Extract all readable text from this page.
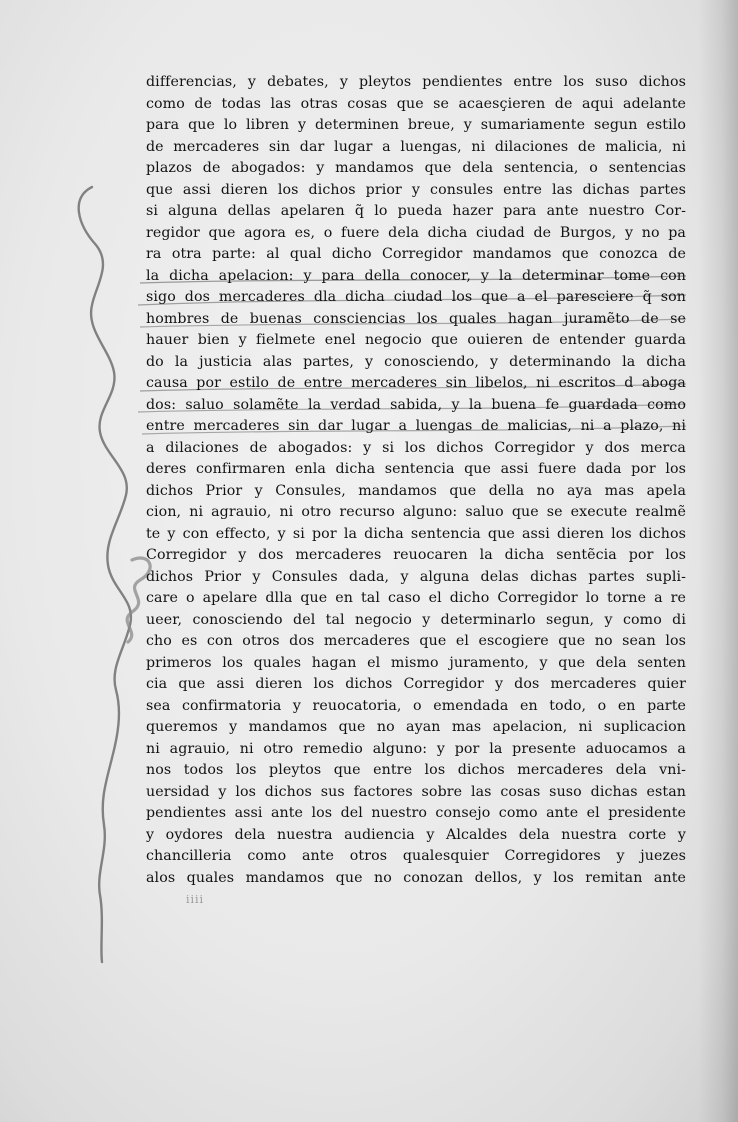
differencias, y debates, y pleytos pendientes entre los suso dichos
como de todas las otras cosas que se acaesçieren de aqui adelante
para que lo libren y determinen breue, y sumariamente segun estilo
de mercaderes sin dar lugar a luengas, ni dilaciones de malicia, ni
plazos de abogados: y mandamos que dela sentencia, o sentencias
que assi dieren los dichos prior y consules entre las dichas partes
si alguna dellas apelaren q̃ lo pueda hazer para ante nuestro Cor-
regidor que agora es, o fuere dela dicha ciudad de Burgos, y no pa
ra otra parte: al qual dicho Corregidor mandamos que conozca de
la dicha apelacion: y para della conocer, y la determinar tome con
sigo dos mercaderes dla dicha ciudad los que a el paresciere q̃ son
hombres de buenas consciencias los quales hagan juramẽto de se
hauer bien y fielmete enel negocio que ouieren de entender guarda
do la justicia alas partes, y conosciendo, y determinando la dicha
causa por estilo de entre mercaderes sin libelos, ni escritos d aboga
dos: saluo solamẽte la verdad sabida, y la buena fe guardada como
entre mercaderes sin dar lugar a luengas de malicias, ni a plazo, ni
a dilaciones de abogados: y si los dichos Corregidor y dos merca
deres confirmaren enla dicha sentencia que assi fuere dada por los
dichos Prior y Consules, mandamos que della no aya mas apela
cion, ni agrauio, ni otro recurso alguno: saluo que se execute realmẽ
te y con effecto, y si por la dicha sentencia que assi dieren los dichos
Corregidor y dos mercaderes reuocaren la dicha sentẽcia por los
dichos Prior y Consules dada, y alguna delas dichas partes supli-
care o apelare dlla que en tal caso el dicho Corregidor lo torne a re
ueer, conosciendo del tal negocio y determinarlo segun, y como di
cho es con otros dos mercaderes que el escogiere que no sean los
primeros los quales hagan el mismo juramento, y que dela senten
cia que assi dieren los dichos Corregidor y dos mercaderes quier
sea confirmatoria y reuocatoria, o emendada en todo, o en parte
queremos y mandamos que no ayan mas apelacion, ni suplicacion
ni agrauio, ni otro remedio alguno: y por la presente aduocamos a
nos todos los pleytos que entre los dichos mercaderes dela vni-
uersidad y los dichos sus factores sobre las cosas suso dichas estan
pendientes assi ante los del nuestro consejo como ante el presidente
y oydores dela nuestra audiencia y Alcaldes dela nuestra corte y
chancilleria como ante otros qualesquier Corregidores y juezes
alos quales mandamos que no conozan dellos, y los remitan ante
iiii
